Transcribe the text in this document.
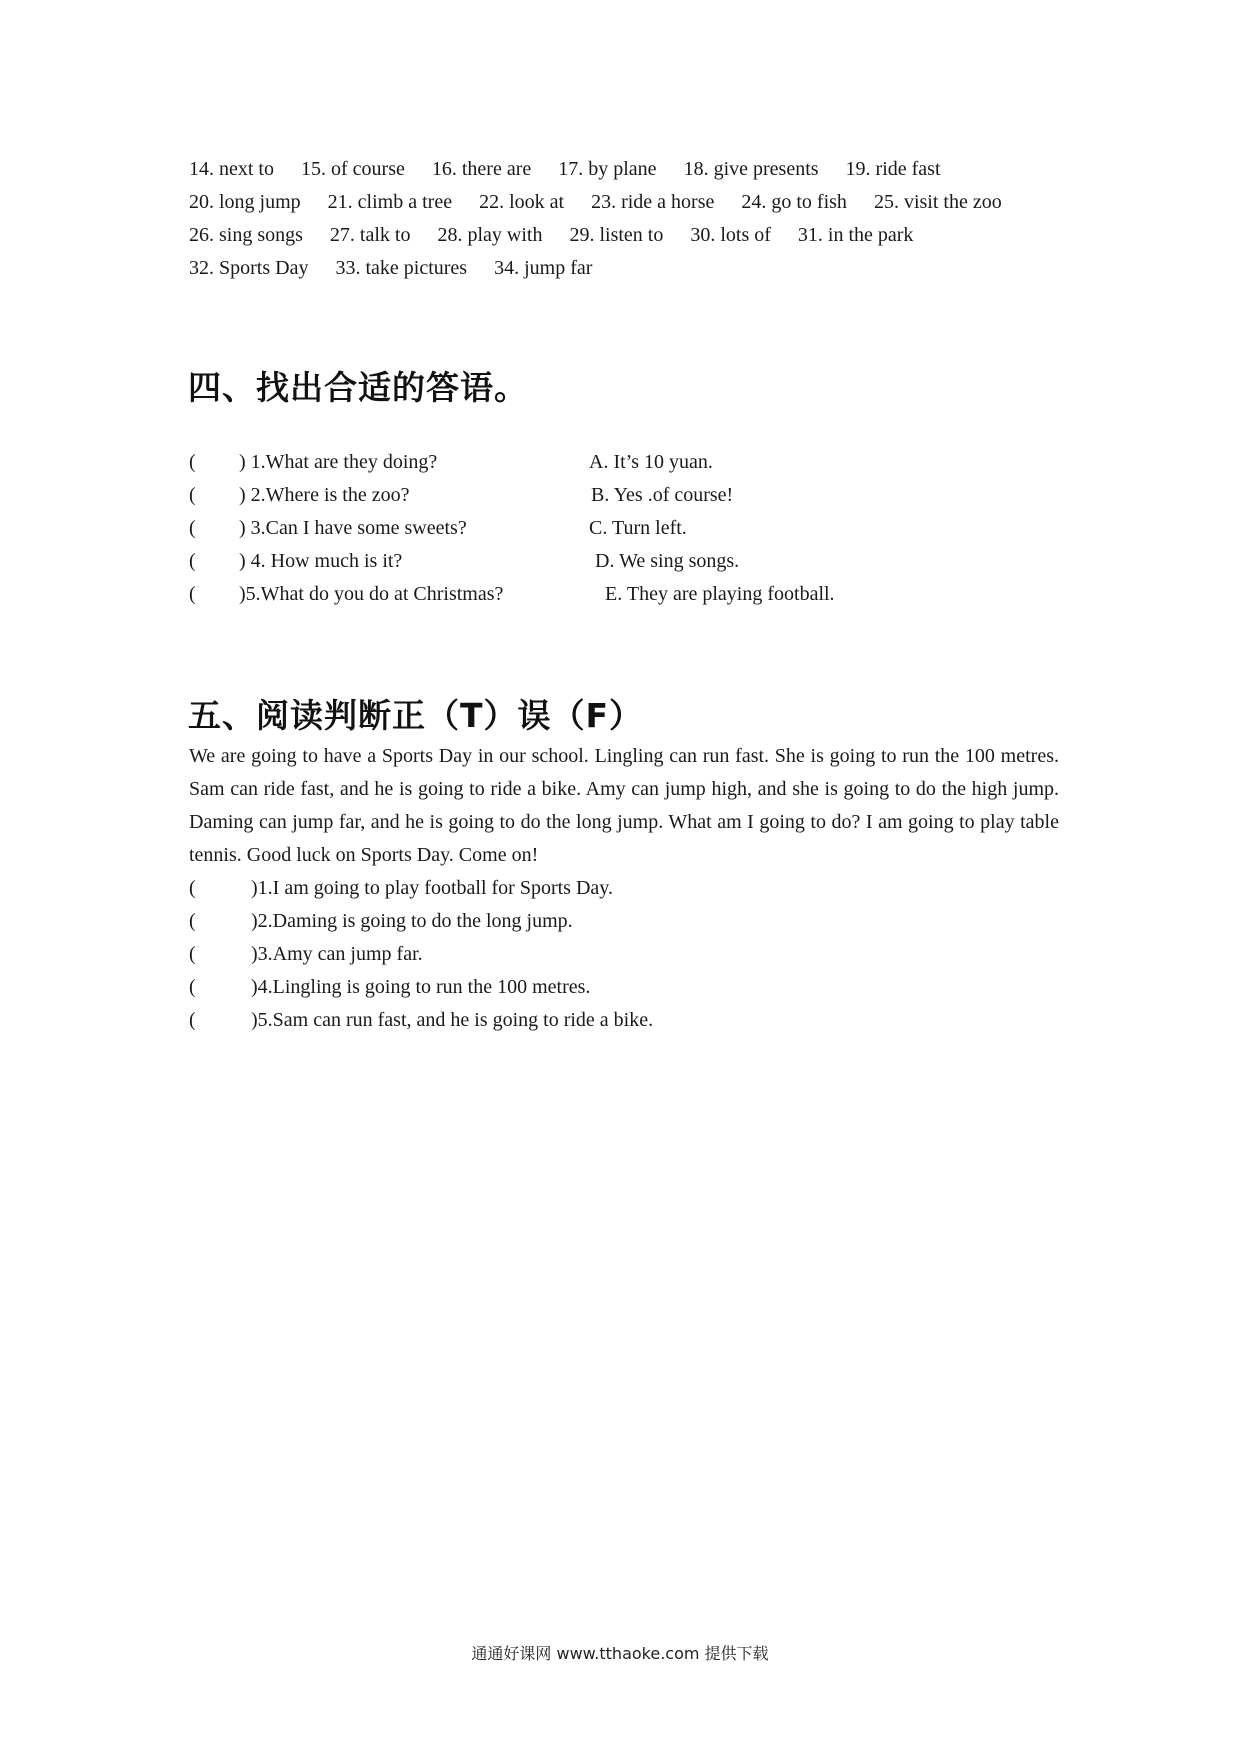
14. next to 15. of course 16. there are 17. by plane 18. give presents 19. ride fast
20. long jump 21. climb a tree 22. look at 23. ride a horse 24. go to fish 25. visit the zoo
26. sing songs 27. talk to 28. play with 29. listen to 30. lots of 31. in the park
32. Sports Day 33. take pictures 34. jump far
四、找出合适的答语。
( ) 1.What are they doing?	A. It’s 10 yuan.
( ) 2.Where is the zoo?	B. Yes .of course!
( ) 3.Can I have some sweets?	C. Turn left.
( ) 4. How much is it?	D. We sing songs.
( )5.What do you do at Christmas?	E. They are playing football.
五、阅读判断正（T）误（F）
We are going to have a Sports Day in our school. Lingling can run fast. She is going to run the 100 metres. Sam can ride fast, and he is going to ride a bike. Amy can jump high, and she is going to do the high jump. Daming can jump far, and he is going to do the long jump. What am I going to do? I am going to play table tennis. Good luck on Sports Day. Come on!
(	)1.I am going to play football for Sports Day.
(	)2.Daming is going to do the long jump.
(	)3.Amy can jump far.
(	)4.Lingling is going to run the 100 metres.
(	)5.Sam can run fast, and he is going to ride a bike.
通通好课网 www.tthaoke.com 提供下载
